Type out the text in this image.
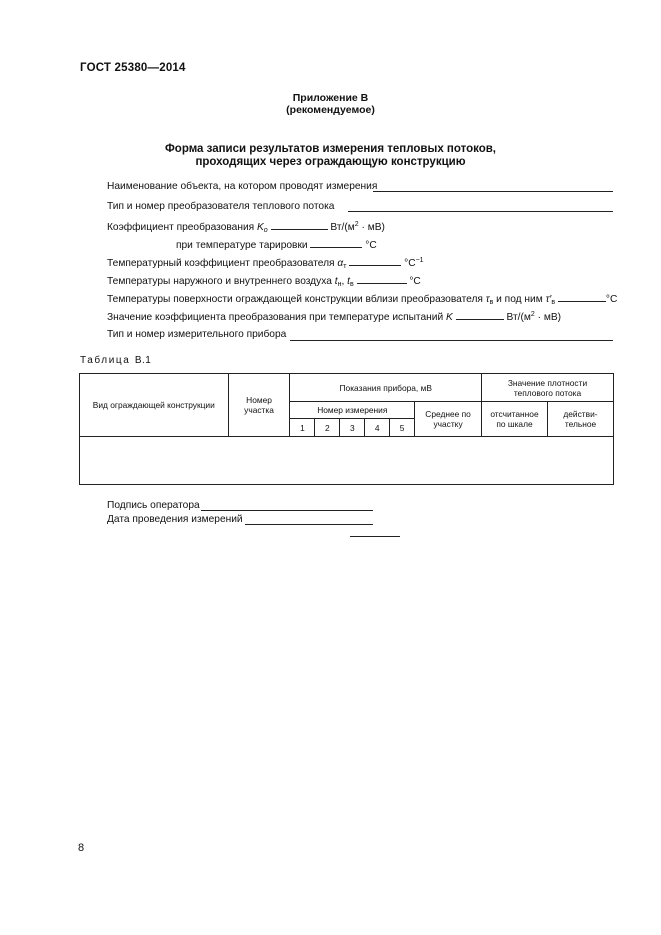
ГОСТ 25380—2014
Приложение В
(рекомендуемое)
Форма записи результатов измерения тепловых потоков,
проходящих через ограждающую конструкцию
Наименование объекта, на котором проводят измерения
Тип и номер преобразователя теплового потока
Коэффициент преобразования $K_o$	$Вт/(м^2 \cdot мВ)$
при температуре тарировки	°C
Температурный коэффициент преобразователя $\alpha_т$	$^\circ C^{-1}$
Температуры наружного и внутреннего воздуха $t_н$, $t_в$	°C
Температуры поверхности ограждающей конструкции вблизи преобразователя $\tau_в$ и под ним $\tau'_в$	°C
Значение коэффициента преобразования при температуре испытаний K	$Вт/(м^2 \cdot мВ)$
Тип и номер измерительного прибора
Таблица В.1
Вид ограждающей конструкции	Номер участка	Показания прибора, мВ						Значение плотности теплового потока	
		Номер измерения					Среднее по участку	отсчитанное по шкале	действи-тельное
		1	2	3	4	5			

Подпись оператора
Дата проведения измерений
8
